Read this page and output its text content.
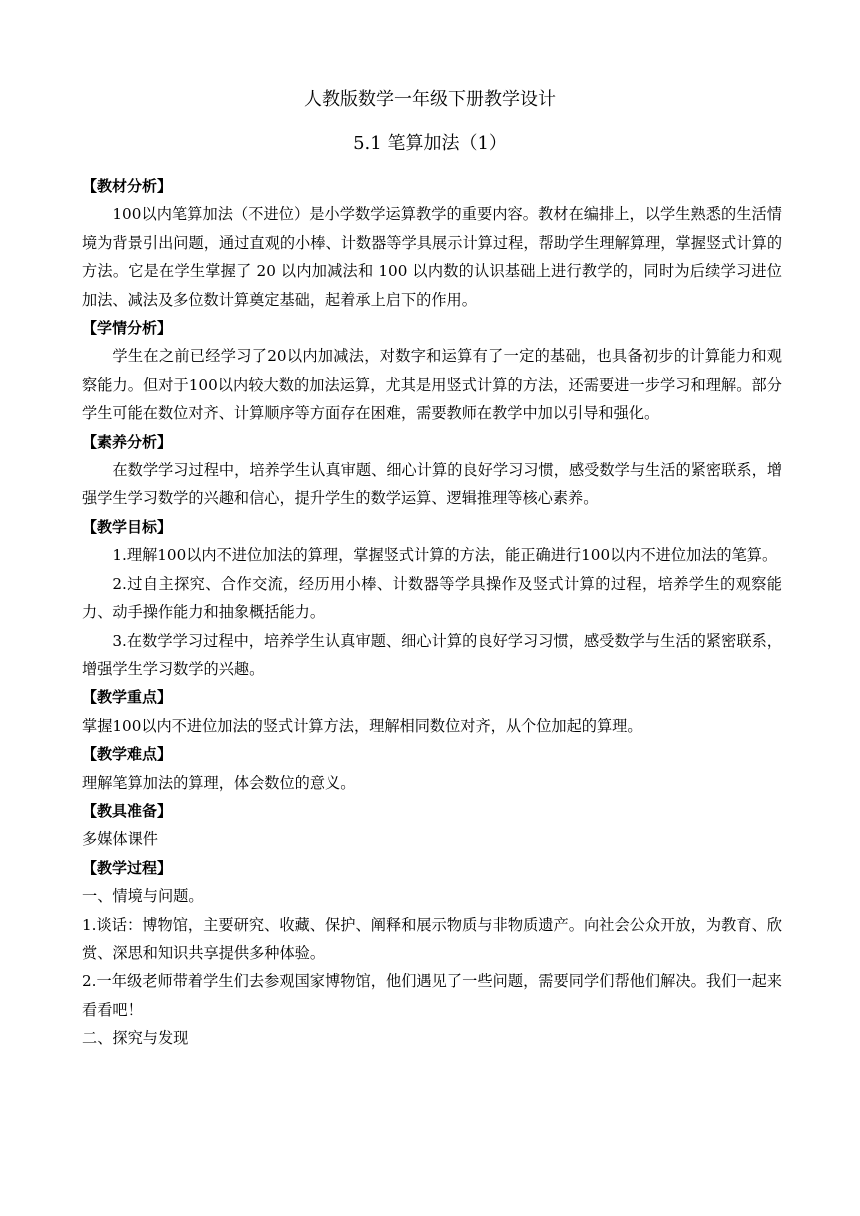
人教版数学一年级下册教学设计
5.1 笔算加法（1）

【教材分析】

100以内笔算加法（不进位）是小学数学运算教学的重要内容。教材在编排上，以学生熟悉的生活情境为背景引出问题，通过直观的小棒、计数器等学具展示计算过程，帮助学生理解算理，掌握竖式计算的方法。它是在学生掌握了 20 以内加减法和 100 以内数的认识基础上进行教学的，同时为后续学习进位加法、减法及多位数计算奠定基础，起着承上启下的作用。

【学情分析】

学生在之前已经学习了20以内加减法，对数字和运算有了一定的基础，也具备初步的计算能力和观察能力。但对于100以内较大数的加法运算，尤其是用竖式计算的方法，还需要进一步学习和理解。部分学生可能在数位对齐、计算顺序等方面存在困难，需要教师在教学中加以引导和强化。

【素养分析】

在数学学习过程中，培养学生认真审题、细心计算的良好学习习惯，感受数学与生活的紧密联系，增强学生学习数学的兴趣和信心，提升学生的数学运算、逻辑推理等核心素养。

【教学目标】

1.理解100以内不进位加法的算理，掌握竖式计算的方法，能正确进行100以内不进位加法的笔算。

2.过自主探究、合作交流，经历用小棒、计数器等学具操作及竖式计算的过程，培养学生的观察能力、动手操作能力和抽象概括能力。

3.在数学学习过程中，培养学生认真审题、细心计算的良好学习习惯，感受数学与生活的紧密联系，增强学生学习数学的兴趣。

【教学重点】

掌握100以内不进位加法的竖式计算方法，理解相同数位对齐，从个位加起的算理。

【教学难点】

理解笔算加法的算理，体会数位的意义。

【教具准备】

多媒体课件

【教学过程】

一、情境与问题。

1.谈话：博物馆，主要研究、收藏、保护、阐释和展示物质与非物质遗产。向社会公众开放，为教育、欣赏、深思和知识共享提供多种体验。

2.一年级老师带着学生们去参观国家博物馆，他们遇见了一些问题，需要同学们帮他们解决。我们一起来看看吧！

二、探究与发现
